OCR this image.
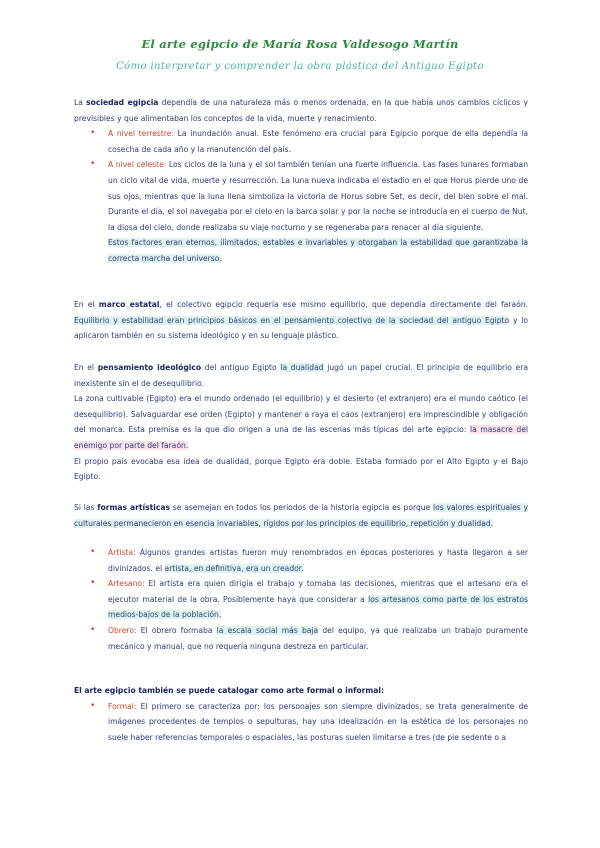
El arte egipcio de María Rosa Valdesogo Martín
Cómo interpretar y comprender la obra plástica del Antiguo Egipto

La sociedad egipcia dependía de una naturaleza más o menos ordenada, en la que había unos cambios cíclicos y previsibles y que alimentaban los conceptos de la vida, muerte y renacimiento.

• A nivel terrestre: La inundación anual. Este fenómeno era crucial para Egipcio porque de ella dependía la cosecha de cada año y la manutención del país.
• A nivel celeste: Los ciclos de la luna y el sol también tenían una fuerte influencia. Las fases lunares formaban un ciclo vital de vida, muerte y resurrección. La luna nueva indicaba el estadio en el que Horus pierde uno de sus ojos, mientras que la luna llena simboliza la victoria de Horus sobre Set, es decir, del bien sobre el mal. Durante el día, el sol navegaba por el cielo en la barca solar y por la noche se introducía en el cuerpo de Nut, la diosa del cielo, donde realizaba su viaje nocturno y se regeneraba para renacer al día siguiente.

Estos factores eran eternos, ilimitados, estables e invariables y otorgaban la estabilidad que garantizaba la correcta marcha del universo.

En el marco estatal, el colectivo egipcio requería ese mismo equilibrio, que dependía directamente del faraón. Equilibrio y estabilidad eran principios básicos en el pensamiento colectivo de la sociedad del antiguo Egipto y lo aplicaron también en su sistema ideológico y en su lenguaje plástico.

En el pensamiento ideológico del antiguo Egipto la dualidad jugó un papel crucial. El principio de equilibrio era inexistente sin el de desequilibrio.

La zona cultivable (Egipto) era el mundo ordenado (el equilibrio) y el desierto (el extranjero) era el mundo caótico (el desequilibrio). Salvaguardar ese orden (Egipto) y mantener a raya el caos (extranjero) era imprescindible y obligación del monarca. Esta premisa es la que dio origen a una de las escenas más típicas del arte egipcio: la masacre del enemigo por parte del faraón.

El propio país evocaba esa idea de dualidad, porque Egipto era doble. Estaba formado por el Alto Egipto y el Bajo Egipto.

Si las formas artísticas se asemejan en todos los periodos de la historia egipcia es porque los valores espirituales y culturales permanecieron en esencia invariables, rígidos por los principios de equilibrio, repetición y dualidad.

• Artista: Algunos grandes artistas fueron muy renombrados en épocas posteriores y hasta llegaron a ser divinizados. el artista, en definitiva, era un creador.
• Artesano: El artista era quien dirigía el trabajo y tomaba las decisiones, mientras que el artesano era el ejecutor material de la obra. Posiblemente haya que considerar a los artesanos como parte de los estratos medios-bajos de la población.
• Obrero: El obrero formaba la escala social más baja del equipo, ya que realizaba un trabajo puramente mecánico y manual, que no requería ninguna destreza en particular.

El arte egipcio también se puede catalogar como arte formal o informal:

• Formal: El primero se caracteriza por: los personajes son siempre divinizados, se trata generalmente de imágenes procedentes de templos o sepulturas, hay una idealización en la estética de los personajes no suele haber referencias temporales o espaciales, las posturas suelen limitarse a tres (de pie sedente o a
